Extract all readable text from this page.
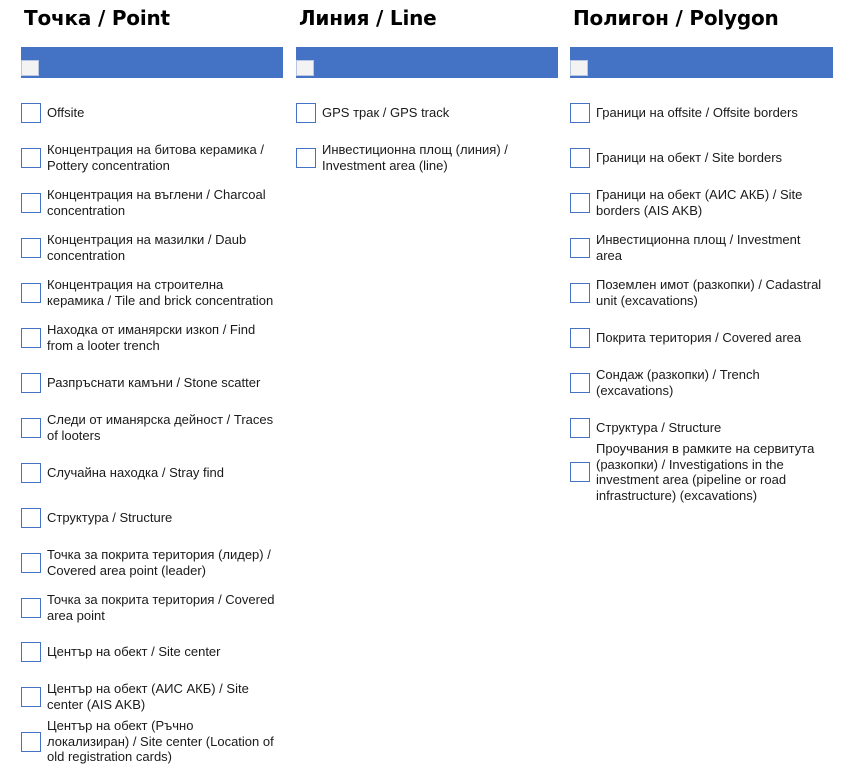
Точка / Point
Offsite
Концентрация на битова керамика / Pottery concentration
Концентрация на въглени / Charcoal concentration
Концентрация на мазилки / Daub concentration
Концентрация на строителна керамика / Tile and brick concentration
Находка от иманярски изкоп / Find from a looter trench
Разпръснати камъни / Stone scatter
Следи от иманярска дейност / Traces of looters
Случайна находка / Stray find
Структура / Structure
Точка за покрита територия (лидер) / Covered area point (leader)
Точка за покрита територия / Covered area point
Център на обект / Site center
Център на обект (АИС АКБ) / Site center (AIS AKB)
Център на обект (Ръчно локализиран) / Site center (Location of old registration cards)
Линия / Line
GPS трак / GPS track
Инвестиционна площ (линия) / Investment area (line)
Полигон / Polygon
Граници на offsite / Offsite borders
Граници на обект / Site borders
Граници на обект (АИС АКБ) / Site borders (AIS AKB)
Инвестиционна площ / Investment area
Поземлен имот (разкопки) / Cadastral unit (excavations)
Покрита територия / Covered area
Сондаж (разкопки) / Trench (excavations)
Структура / Structure
Проучвания в рамките на сервитута (разкопки) / Investigations in the investment area (pipeline or road infrastructure) (excavations)
